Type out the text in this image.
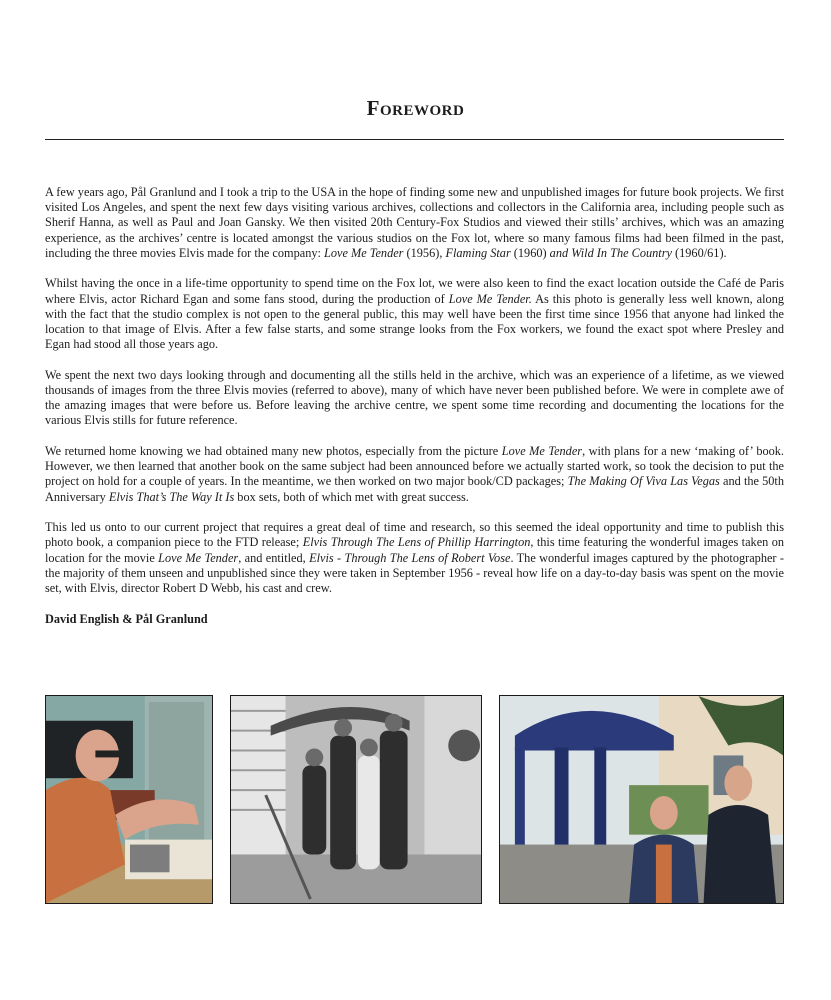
Foreword

A few years ago, Pål Granlund and I took a trip to the USA in the hope of finding some new and unpublished images for future book projects. We first visited Los Angeles, and spent the next few days visiting various archives, collections and collectors in the California area, including people such as Sherif Hanna, as well as Paul and Joan Gansky. We then visited 20th Century-Fox Studios and viewed their stills’ archives, which was an amazing experience, as the archives’ centre is located amongst the various studios on the Fox lot, where so many famous films had been filmed in the past, including the three movies Elvis made for the company: Love Me Tender (1956), Flaming Star (1960) and Wild In The Country (1960/61).

Whilst having the once in a life-time opportunity to spend time on the Fox lot, we were also keen to find the exact location outside the Café de Paris where Elvis, actor Richard Egan and some fans stood, during the production of Love Me Tender. As this photo is generally less well known, along with the fact that the studio complex is not open to the general public, this may well have been the first time since 1956 that anyone had linked the location to that image of Elvis. After a few false starts, and some strange looks from the Fox workers, we found the exact spot where Presley and Egan had stood all those years ago.

We spent the next two days looking through and documenting all the stills held in the archive, which was an experience of a lifetime, as we viewed thousands of images from the three Elvis movies (referred to above), many of which have never been published before. We were in complete awe of the amazing images that were before us. Before leaving the archive centre, we spent some time recording and documenting the locations for the various Elvis stills for future reference.

We returned home knowing we had obtained many new photos, especially from the picture Love Me Tender, with plans for a new ‘making of’ book. However, we then learned that another book on the same subject had been announced before we actually started work, so took the decision to put the project on hold for a couple of years. In the meantime, we then worked on two major book/CD packages; The Making Of Viva Las Vegas and the 50th Anniversary Elvis That’s The Way It Is box sets, both of which met with great success.

This led us onto to our current project that requires a great deal of time and research, so this seemed the ideal opportunity and time to publish this photo book, a companion piece to the FTD release; Elvis Through The Lens of Phillip Harrington, this time featuring the wonderful images taken on location for the movie Love Me Tender, and entitled, Elvis - Through The Lens of Robert Vose. The wonderful images captured by the photographer - the majority of them unseen and unpublished since they were taken in September 1956 - reveal how life on a day-to-day basis was spent on the movie set, with Elvis, director Robert D Webb, his cast and crew.

David English & Pål Granlund
